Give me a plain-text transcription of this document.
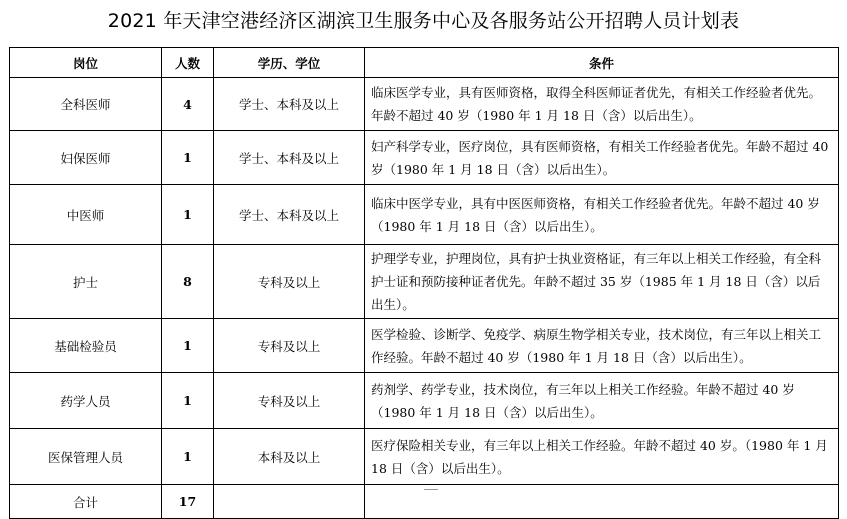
2021 年天津空港经济区湖滨卫生服务中心及各服务站公开招聘人员计划表
岗位	人数	学历、学位	条件
全科医师	4	学士、本科及以上	临床医学专业，具有医师资格，取得全科医师证者优先，有相关工作经验者优先。年龄不超过 40 岁（1980 年 1 月 18 日（含）以后出生）。
妇保医师	1	学士、本科及以上	妇产科学专业，医疗岗位，具有医师资格，有相关工作经验者优先。年龄不超过 40 岁（1980 年 1 月 18 日（含）以后出生）。
中医师	1	学士、本科及以上	临床中医学专业，具有中医医师资格，有相关工作经验者优先。年龄不超过 40 岁（1980 年 1 月 18 日（含）以后出生）。
护士	8	专科及以上	护理学专业，护理岗位，具有护士执业资格证，有三年以上相关工作经验，有全科护士证和预防接种证者优先。年龄不超过 35 岁（1985 年 1 月 18 日（含）以后出生）。
基础检验员	1	专科及以上	医学检验、诊断学、免疫学、病原生物学相关专业，技术岗位，有三年以上相关工作经验。年龄不超过 40 岁（1980 年 1 月 18 日（含）以后出生）。
药学人员	1	专科及以上	药剂学、药学专业，技术岗位，有三年以上相关工作经验。年龄不超过 40 岁（1980 年 1 月 18 日（含）以后出生）。
医保管理人员	1	本科及以上	医疗保险相关专业，有三年以上相关工作经验。年龄不超过 40 岁。（1980 年 1 月 18 日（含）以后出生）。
合计	17		
